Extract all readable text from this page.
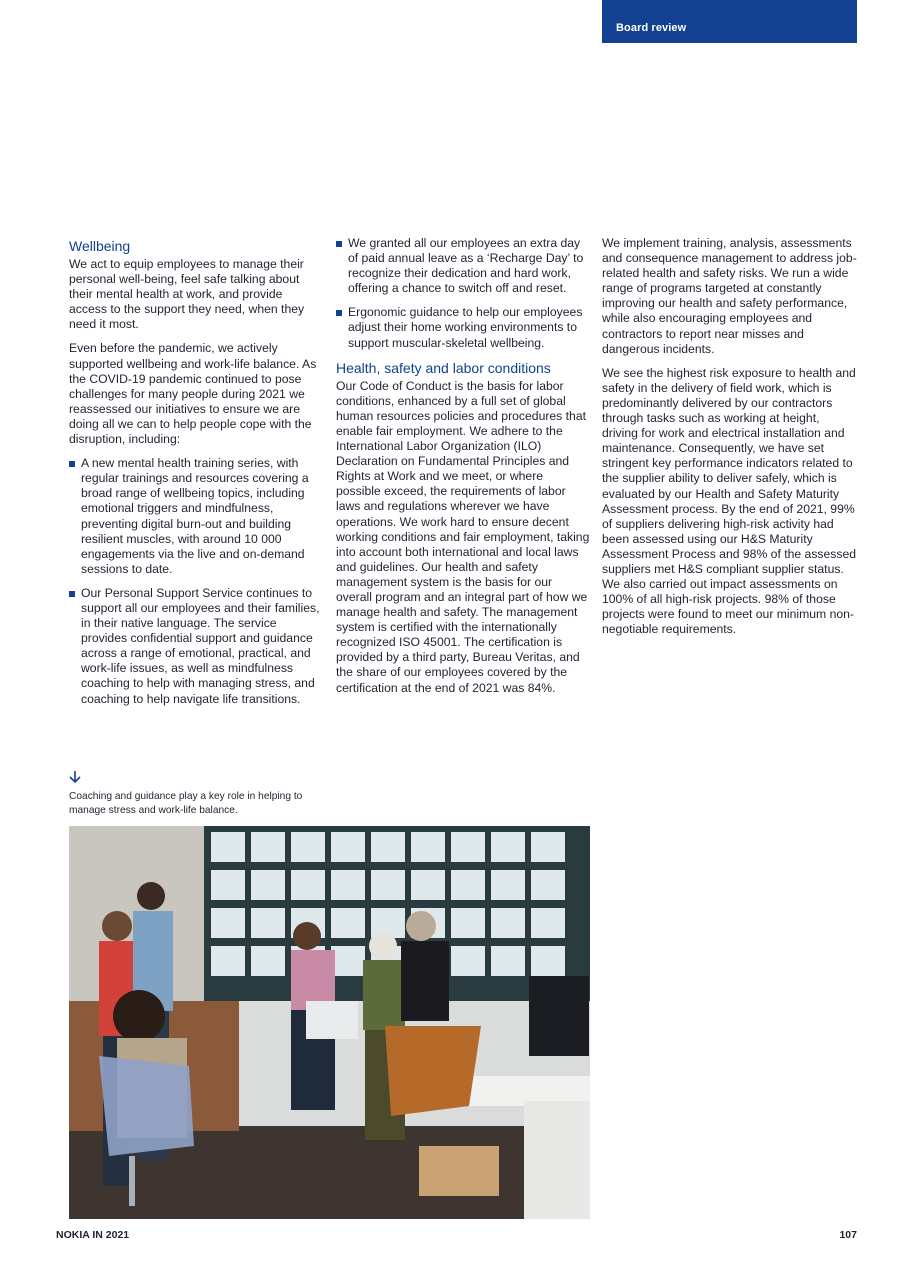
Board review
Wellbeing

We act to equip employees to manage their personal well-being, feel safe talking about their mental health at work, and provide access to the support they need, when they need it most.

Even before the pandemic, we actively supported wellbeing and work-life balance. As the COVID-19 pandemic continued to pose challenges for many people during 2021 we reassessed our initiatives to ensure we are doing all we can to help people cope with the disruption, including:

A new mental health training series, with regular trainings and resources covering a broad range of wellbeing topics, including emotional triggers and mindfulness, preventing digital burn-out and building resilient muscles, with around 10 000 engagements via the live and on-demand sessions to date.
Our Personal Support Service continues to support all our employees and their families, in their native language. The service provides confidential support and guidance across a range of emotional, practical, and work-life issues, as well as mindfulness coaching to help with managing stress, and coaching to help navigate life transitions.
We granted all our employees an extra day of paid annual leave as a ‘Recharge Day’ to recognize their dedication and hard work, offering a chance to switch off and reset.
Ergonomic guidance to help our employees adjust their home working environments to support muscular-skeletal wellbeing.
Health, safety and labor conditions

Our Code of Conduct is the basis for labor conditions, enhanced by a full set of global human resources policies and procedures that enable fair employment. We adhere to the International Labor Organization (ILO) Declaration on Fundamental Principles and Rights at Work and we meet, or where possible exceed, the requirements of labor laws and regulations wherever we have operations. We work hard to ensure decent working conditions and fair employment, taking into account both international and local laws and guidelines. Our health and safety management system is the basis for our overall program and an integral part of how we manage health and safety. The management system is certified with the internationally recognized ISO 45001. The certification is provided by a third party, Bureau Veritas, and the share of our employees covered by the certification at the end of 2021 was 84%.

We implement training, analysis, assessments and consequence management to address job-related health and safety risks. We run a wide range of programs targeted at constantly improving our health and safety performance, while also encouraging employees and contractors to report near misses and dangerous incidents.

We see the highest risk exposure to health and safety in the delivery of field work, which is predominantly delivered by our contractors through tasks such as working at height, driving for work and electrical installation and maintenance. Consequently, we have set stringent key performance indicators related to the supplier ability to deliver safely, which is evaluated by our Health and Safety Maturity Assessment process. By the end of 2021, 99% of suppliers delivering high-risk activity had been assessed using our H&S Maturity Assessment Process and 98% of the assessed suppliers met H&S compliant supplier status. We also carried out impact assessments on 100% of all high-risk projects. 98% of those projects were found to meet our minimum non-negotiable requirements.

Coaching and guidance play a key role in helping to manage stress and work-life balance.
NOKIA IN 2021	107
